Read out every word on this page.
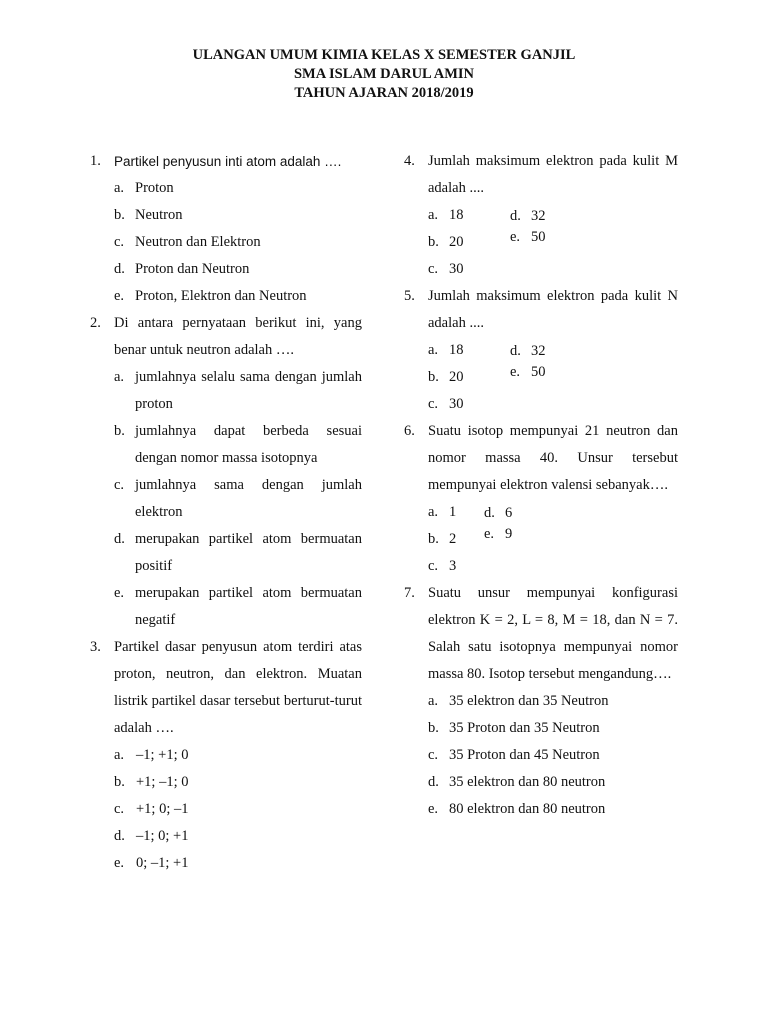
ULANGAN UMUM KIMIA KELAS X SEMESTER GANJIL
SMA ISLAM DARUL AMIN
TAHUN AJARAN 2018/2019
1. Partikel penyusun inti atom adalah ….
a. Proton
b. Neutron
c. Neutron dan Elektron
d. Proton dan Neutron
e. Proton, Elektron dan Neutron
2. Di antara pernyataan berikut ini, yang benar untuk neutron adalah ….
a. jumlahnya selalu sama dengan jumlah proton
b. jumlahnya dapat berbeda sesuai dengan nomor massa isotopnya
c. jumlahnya sama dengan jumlah elektron
d. merupakan partikel atom bermuatan positif
e. merupakan partikel atom bermuatan negatif
3. Partikel dasar penyusun atom terdiri atas proton, neutron, dan elektron. Muatan listrik partikel dasar tersebut berturut-turut adalah ….
a. –1; +1; 0
b. +1; –1; 0
c. +1; 0; –1
d. –1; 0; +1
e. 0; –1; +1
4. Jumlah maksimum elektron pada kulit M adalah ....
a. 18	d. 32
b. 20	e. 50
c. 30
5. Jumlah maksimum elektron pada kulit N adalah ....
a. 18	d. 32
b. 20	e. 50
c. 30
6. Suatu isotop mempunyai 21 neutron dan nomor massa 40. Unsur tersebut mempunyai elektron valensi sebanyak….
a. 1 d. 6
b. 2 e. 9
c. 3
7. Suatu unsur mempunyai konfigurasi elektron K = 2, L = 8, M = 18, dan N = 7. Salah satu isotopnya mempunyai nomor massa 80. Isotop tersebut mengandung….
a. 35 elektron dan 35 Neutron
b. 35 Proton dan 35 Neutron
c. 35 Proton dan 45 Neutron
d. 35 elektron dan 80 neutron
e. 80 elektron dan 80 neutron
